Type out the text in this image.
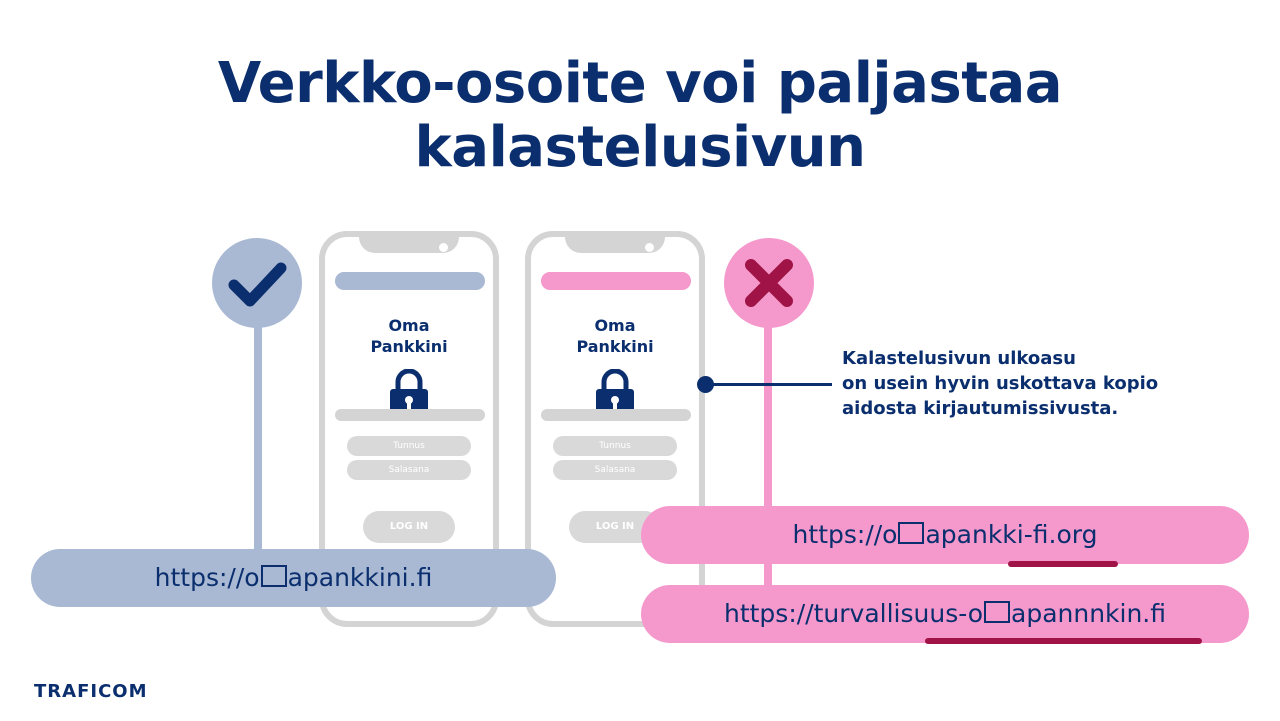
Verkko-osoite voi paljastaa
kalastelusivun
Oma
Pankkini
Tunnus
Salasana
LOG IN
Oma
Pankkini
Tunnus
Salasana
LOG IN
Kalastelusivun ulkoasu
on usein hyvin uskottava kopio
aidosta kirjautumissivusta.
https://o apankkini.fi
https://o apankki-fi.org
https://turvallisuus-o apannnkin.fi
TRAFICOM
